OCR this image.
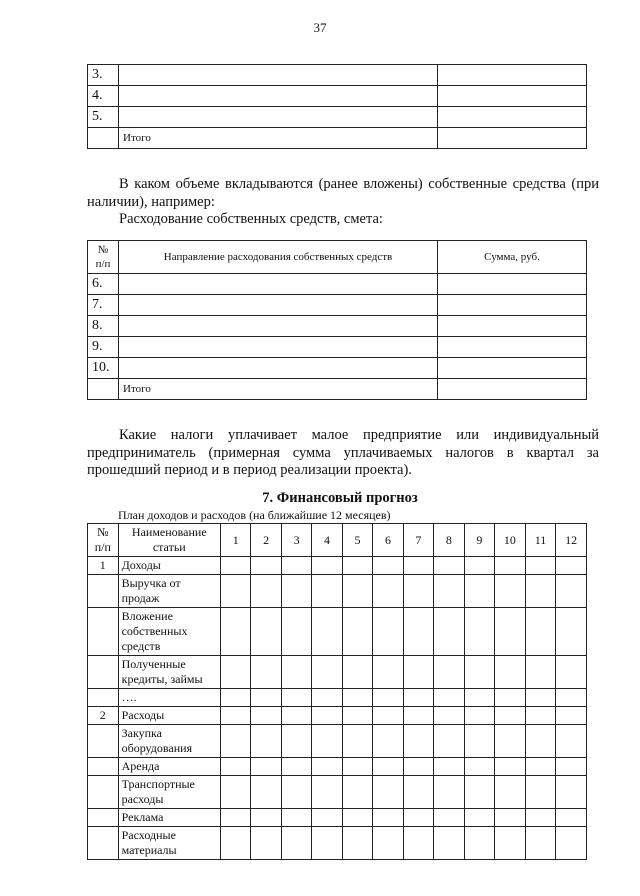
37
3.		
4.		
5.		
	Итого	
В каком объеме вкладываются (ранее вложены) собственные средства (при наличии), например:
Расходование собственных средств, смета:
№ п/п	Направление расходования собственных средств	Сумма, руб.
6.		
7.		
8.		
9.		
10.		
	Итого	
Какие налоги уплачивает малое предприятие или индивидуальный предприниматель (примерная сумма уплачиваемых налогов в квартал за прошедший период и в период реализации проекта).
7. Финансовый прогноз
План доходов и расходов (на ближайшие 12 месяцев)
№ п/п	Наименование статьи	1	2	3	4	5	6	7	8	9	10	11	12
1	Доходы												
	Выручка от продаж												
	Вложение собственных средств												
	Полученные кредиты, займы												
	….												
2	Расходы												
	Закупка оборудования												
	Аренда												
	Транспортные расходы												
	Реклама												
	Расходные материалы												
